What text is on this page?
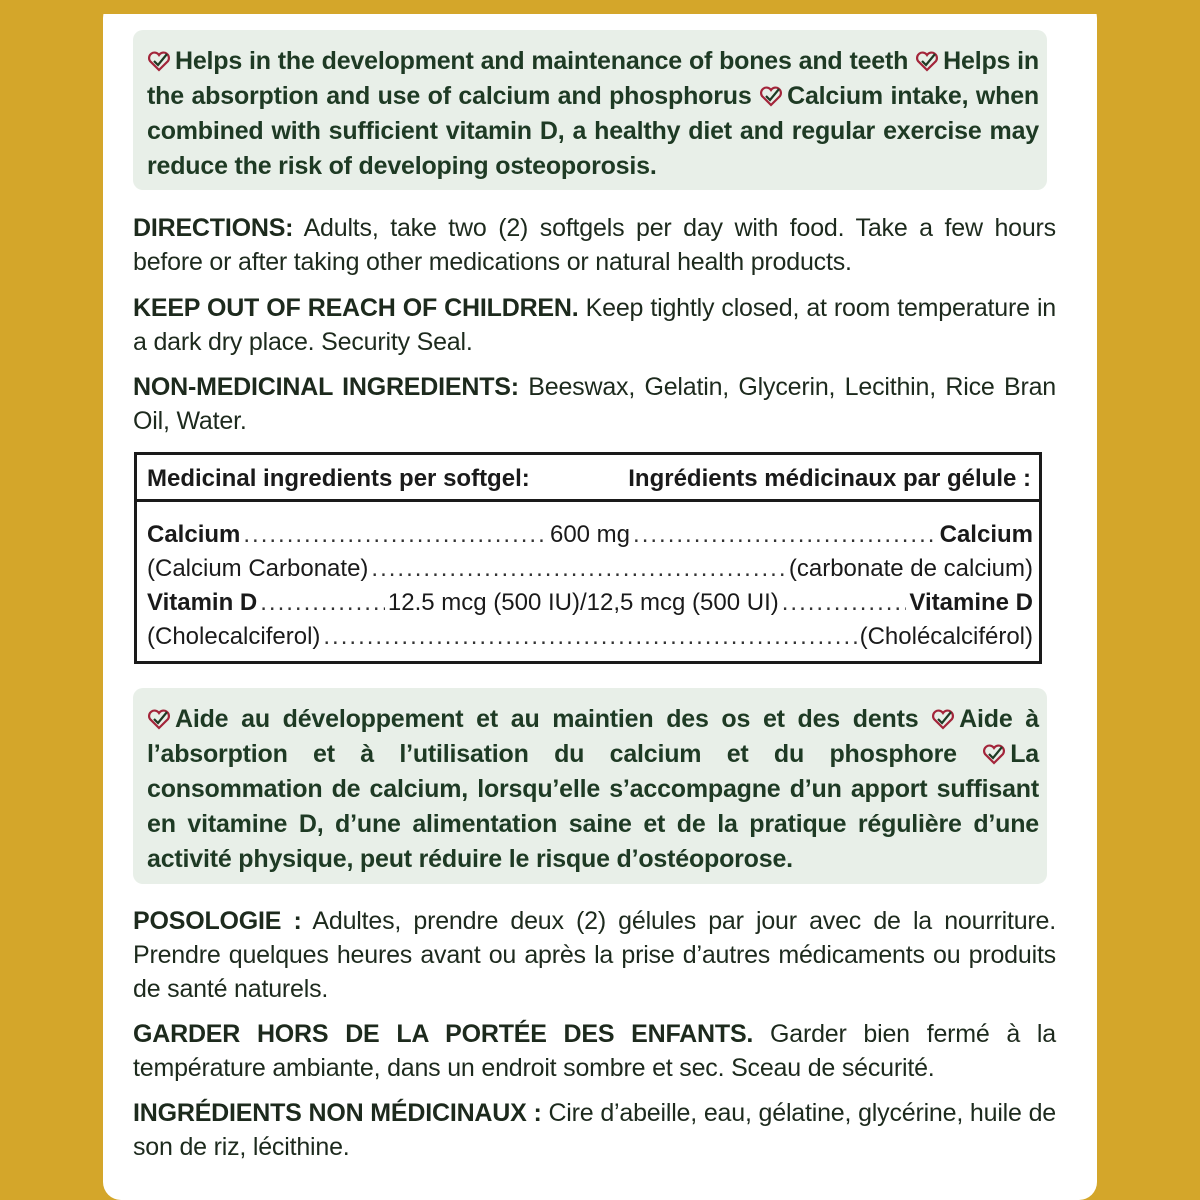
Helps in the development and maintenance of bones and teeth Helps in the absorption and use of calcium and phosphorus Calcium intake, when combined with sufficient vitamin D, a healthy diet and regular exercise may reduce the risk of developing osteoporosis.
DIRECTIONS: Adults, take two (2) softgels per day with food. Take a few hours before or after taking other medications or natural health products.
KEEP OUT OF REACH OF CHILDREN. Keep tightly closed, at room temperature in a dark dry place. Security Seal.
NON-MEDICINAL INGREDIENTS: Beeswax, Gelatin, Glycerin, Lecithin, Rice Bran Oil, Water.
Medicinal ingredients per softgel:	Ingrédients médicinaux par gélule :
Calcium .....	600 mg .....	Calcium
(Calcium Carbonate) .....	(carbonate de calcium)
Vitamin D .....	12.5 mcg (500 IU)/12,5 mcg (500 UI) .....	Vitamine D
(Cholecalciferol) .....	(Cholécalciférol)
Aide au développement et au maintien des os et des dents Aide à l’absorption et à l’utilisation du calcium et du phosphore La consommation de calcium, lorsqu’elle s’accompagne d’un apport suffisant en vitamine D, d’une alimentation saine et de la pratique régulière d’une activité physique, peut réduire le risque d’ostéoporose.
POSOLOGIE : Adultes, prendre deux (2) gélules par jour avec de la nourriture. Prendre quelques heures avant ou après la prise d’autres médicaments ou produits de santé naturels.
GARDER HORS DE LA PORTÉE DES ENFANTS. Garder bien fermé à la température ambiante, dans un endroit sombre et sec. Sceau de sécurité.
INGRÉDIENTS NON MÉDICINAUX : Cire d’abeille, eau, gélatine, glycérine, huile de son de riz, lécithine.
